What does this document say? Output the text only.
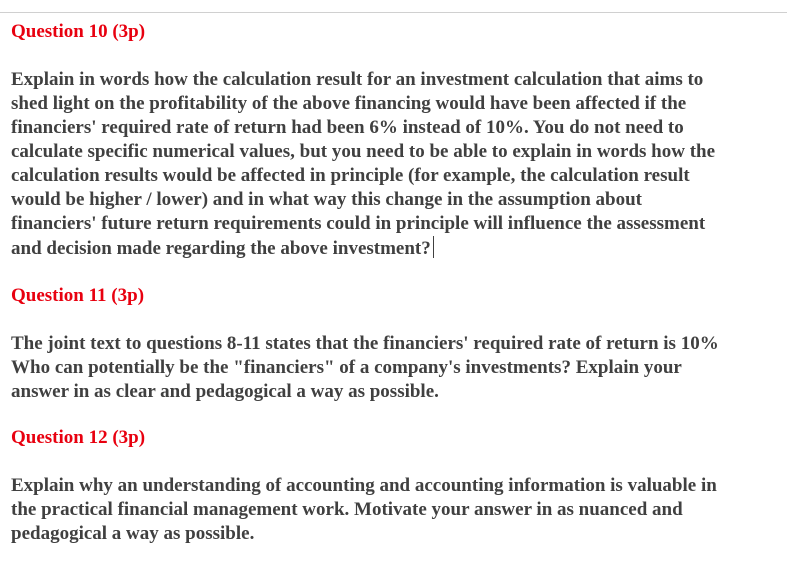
Question 10 (3p)
Explain in words how the calculation result for an investment calculation that aims to
shed light on the profitability of the above financing would have been affected if the
financiers' required rate of return had been 6% instead of 10%. You do not need to
calculate specific numerical values, but you need to be able to explain in words how the
calculation results would be affected in principle (for example, the calculation result
would be higher / lower) and in what way this change in the assumption about
financiers' future return requirements could in principle will influence the assessment
and decision made regarding the above investment?
Question 11 (3p)
The joint text to questions 8-11 states that the financiers' required rate of return is 10%
Who can potentially be the "financiers" of a company's investments? Explain your
answer in as clear and pedagogical a way as possible.
Question 12 (3p)
Explain why an understanding of accounting and accounting information is valuable in
the practical financial management work. Motivate your answer in as nuanced and
pedagogical a way as possible.
